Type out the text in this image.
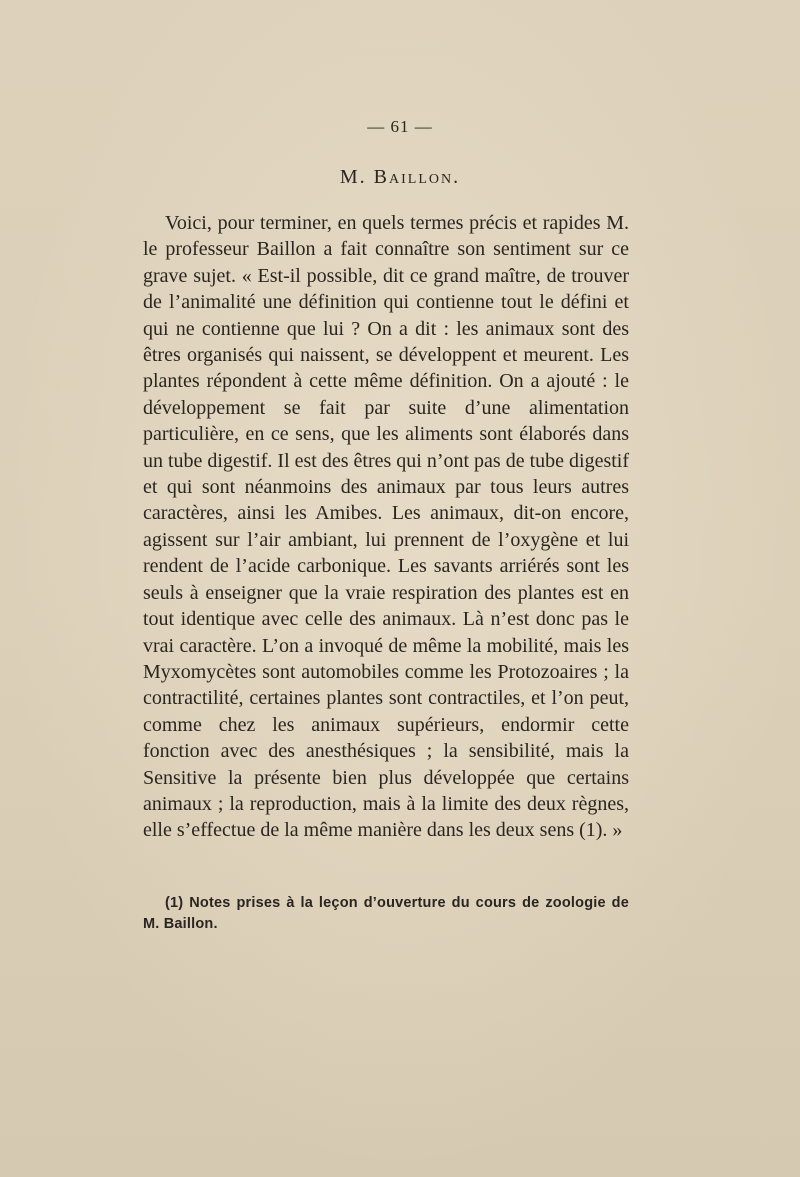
— 61 —
M. Baillon.

Voici, pour terminer, en quels termes précis et rapides M. le professeur Baillon a fait connaître son sentiment sur ce grave sujet. « Est-il possible, dit ce grand maître, de trouver de l’animalité une définition qui contienne tout le défini et qui ne contienne que lui ? On a dit : les animaux sont des êtres organisés qui naissent, se développent et meurent. Les plantes répondent à cette même définition. On a ajouté : le développement se fait par suite d’une alimentation particulière, en ce sens, que les aliments sont élaborés dans un tube digestif. Il est des êtres qui n’ont pas de tube digestif et qui sont néanmoins des animaux par tous leurs autres caractères, ainsi les Amibes. Les animaux, dit-on encore, agissent sur l’air ambiant, lui prennent de l’oxygène et lui rendent de l’acide carbonique. Les savants arriérés sont les seuls à enseigner que la vraie respiration des plantes est en tout identique avec celle des animaux. Là n’est donc pas le vrai caractère. L’on a invoqué de même la mobilité, mais les Myxomycètes sont automobiles comme les Protozoaires ; la contractilité, certaines plantes sont contractiles, et l’on peut, comme chez les animaux supérieurs, endormir cette fonction avec des anesthésiques ; la sensibilité, mais la Sensitive la présente bien plus développée que certains animaux ; la reproduction, mais à la limite des deux règnes, elle s’effectue de la même manière dans les deux sens (1). »

(1) Notes prises à la leçon d’ouverture du cours de zoologie de M. Baillon.
